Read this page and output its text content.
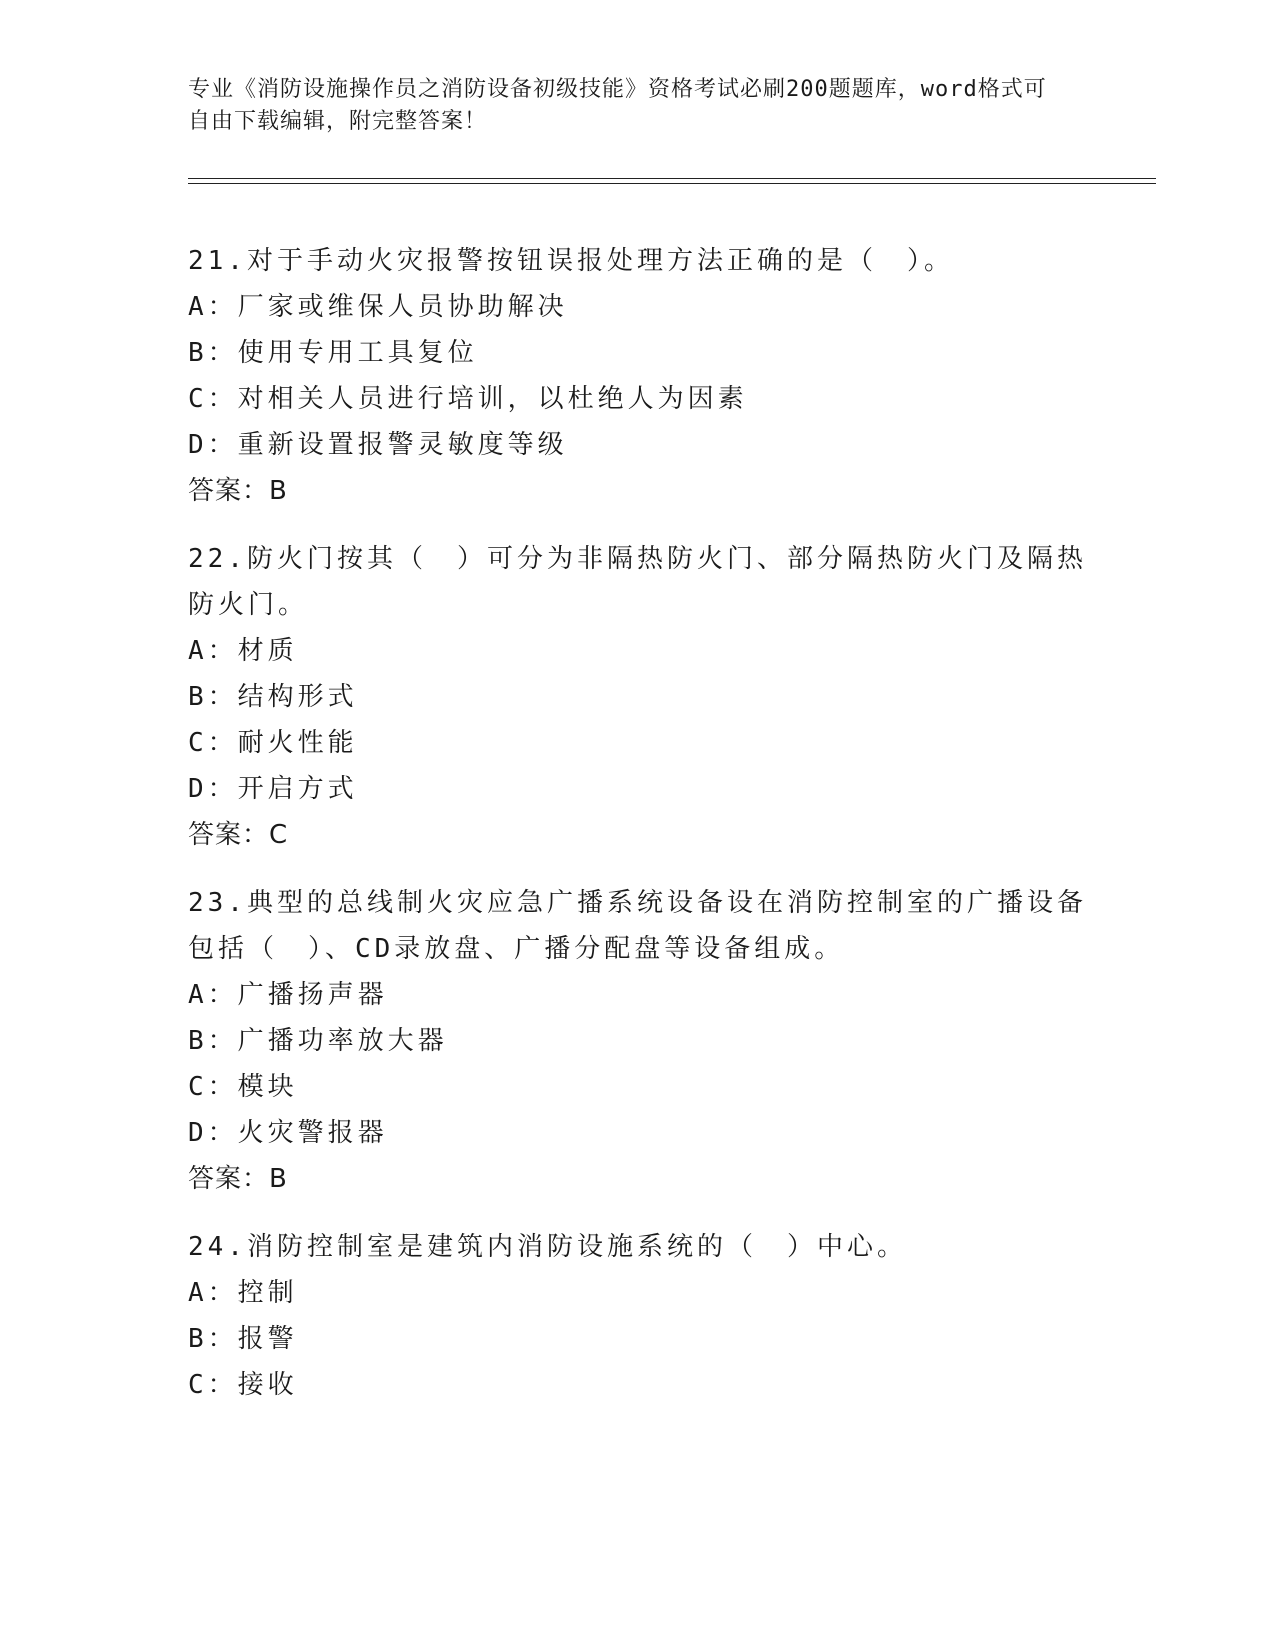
专业《消防设施操作员之消防设备初级技能》资格考试必刷200题题库，word格式可自由下载编辑，附完整答案！

21.对于手动火灾报警按钮误报处理方法正确的是（　）。

A：厂家或维保人员协助解决

B：使用专用工具复位

C：对相关人员进行培训，以杜绝人为因素

D：重新设置报警灵敏度等级

答案：B

22.防火门按其（　）可分为非隔热防火门、部分隔热防火门及隔热防火门。

A：材质

B：结构形式

C：耐火性能

D：开启方式

答案：C

23.典型的总线制火灾应急广播系统设备设在消防控制室的广播设备包括（　）、CD录放盘、广播分配盘等设备组成。

A：广播扬声器

B：广播功率放大器

C：模块

D：火灾警报器

答案：B

24.消防控制室是建筑内消防设施系统的（　）中心。

A：控制

B：报警

C：接收
